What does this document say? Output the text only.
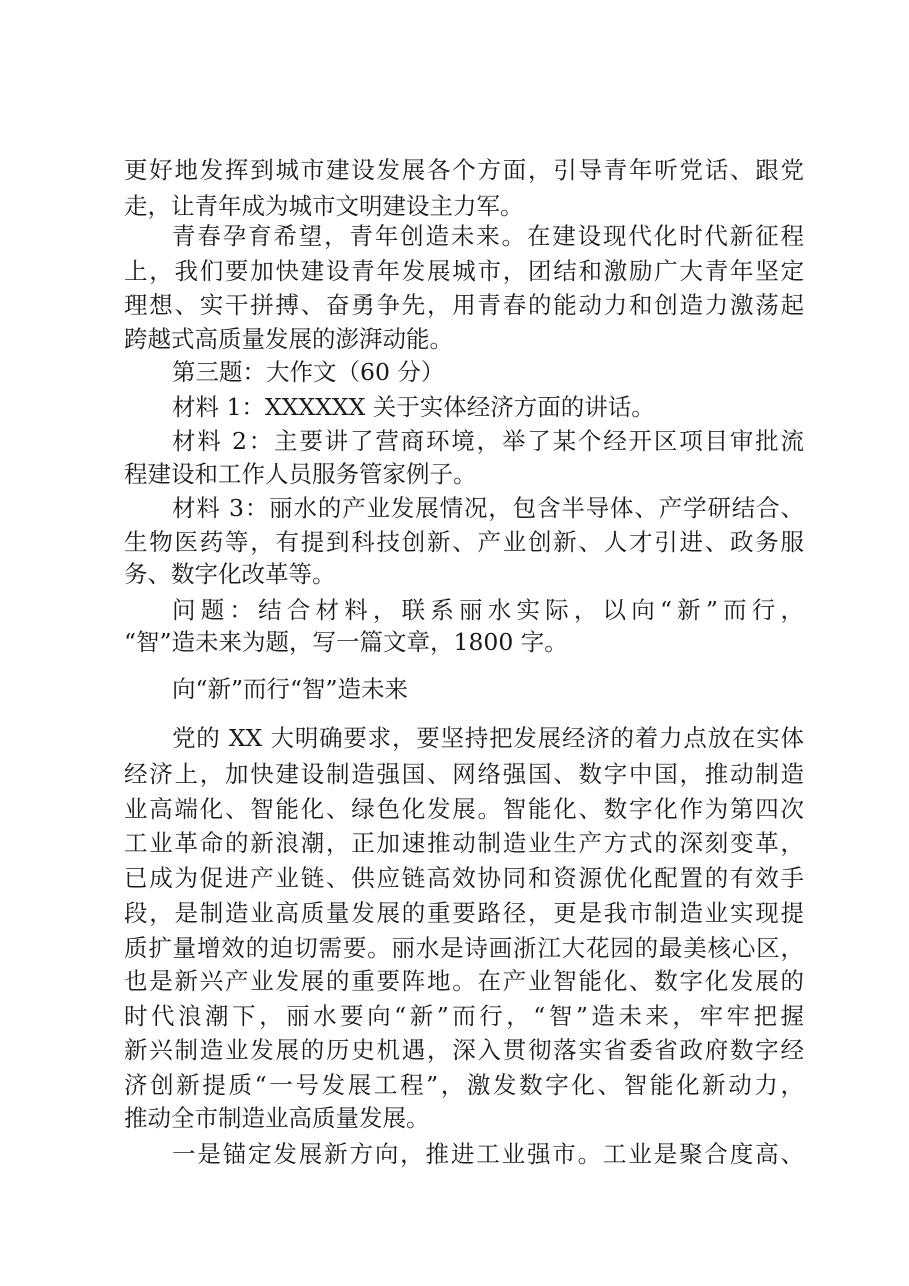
更好地发挥到城市建设发展各个方面，引导青年听党话、跟党
走，让青年成为城市文明建设主力军。
青春孕育希望，青年创造未来。在建设现代化时代新征程
上，我们要加快建设青年发展城市，团结和激励广大青年坚定
理想、实干拼搏、奋勇争先，用青春的能动力和创造力激荡起
跨越式高质量发展的澎湃动能。
第三题：大作文（60 分）
材料 1：XXXXXX 关于实体经济方面的讲话。
材料 2：主要讲了营商环境，举了某个经开区项目审批流
程建设和工作人员服务管家例子。
材料 3：丽水的产业发展情况，包含半导体、产学研结合、
生物医药等，有提到科技创新、产业创新、人才引进、政务服
务、数字化改革等。
问题：结合材料，联系丽水实际，以向“新”而行，
“智”造未来为题，写一篇文章，1800 字。
向“新”而行“智”造未来
党的 XX 大明确要求，要坚持把发展经济的着力点放在实体
经济上，加快建设制造强国、网络强国、数字中国，推动制造
业高端化、智能化、绿色化发展。智能化、数字化作为第四次
工业革命的新浪潮，正加速推动制造业生产方式的深刻变革，
已成为促进产业链、供应链高效协同和资源优化配置的有效手
段，是制造业高质量发展的重要路径，更是我市制造业实现提
质扩量增效的迫切需要。丽水是诗画浙江大花园的最美核心区，
也是新兴产业发展的重要阵地。在产业智能化、数字化发展的
时代浪潮下，丽水要向“新”而行，“智”造未来，牢牢把握
新兴制造业发展的历史机遇，深入贯彻落实省委省政府数字经
济创新提质“一号发展工程”，激发数字化、智能化新动力，
推动全市制造业高质量发展。
一是锚定发展新方向，推进工业强市。工业是聚合度高、
